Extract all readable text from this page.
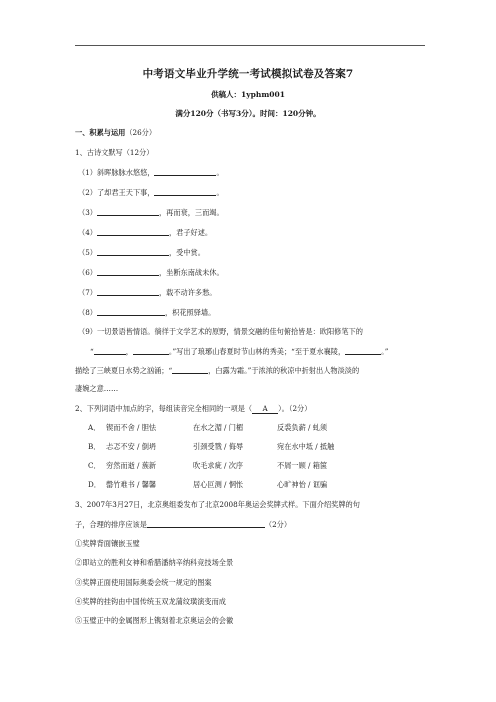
中考语文毕业升学统一考试模拟试卷及答案7
供稿人：1yphm001
满分120分（书写3分）。时间：120分钟。
一、积累与运用（26分）
1、古诗文默写（12分）
（1）斜晖脉脉水悠悠，	。
（2）了却君王天下事，	。
（3）	，再而衰，三而竭。
（4）	，君子好逑。
（5）	，受中赏。
（6）	，坐断东南战未休。
（7）	，载不动许多愁。
（8）	，枳花照驿墙。
（9）一切景语皆情语。徜徉于文学艺术的原野，情景交融的佳句俯拾皆是：欧阳修笔下的
“	，	。”写出了琅琊山春夏时节山林的秀美；“至于夏水襄陵，	。”
描绘了三峡夏日水势之汹涌；“	，白露为霜。”于浓浓的秋凉中折射出人物淡淡的
凄婉之意……
2、下列词语中加点的字，每组读音完全相同的一项是（ A ）。（2分）
A． 锲而不舍 / 胆怯	在水之湄 / 门楣	反裘负薪 / 虬须
B． 忐忑不安 / 倒坍	引颈受戮 / 侮辱	宛在水中坻 / 抵触
C． 穷然而逝 / 蔟新	吹毛求疵 / 次序	不屑一顾 / 箱箧
D． 罄竹难书 / 馨馨	居心叵测 / 惘怅	心旷神怡 / 诓骗
3、2007年3月27日，北京奥组委发布了北京2008年奥运会奖牌式样。下面介绍奖牌的句
子，合理的排序应该是	（2分）
①奖牌背面镶嵌玉璧
②即站立的胜利女神和希腊潘纳辛纳科竞技场全景
③奖牌正面使用国际奥委会统一规定的图案
④奖牌的挂钩由中国传统玉双龙蒲纹璜演变而成
⑤玉璧正中的金属图形上镌刻着北京奥运会的会徽
